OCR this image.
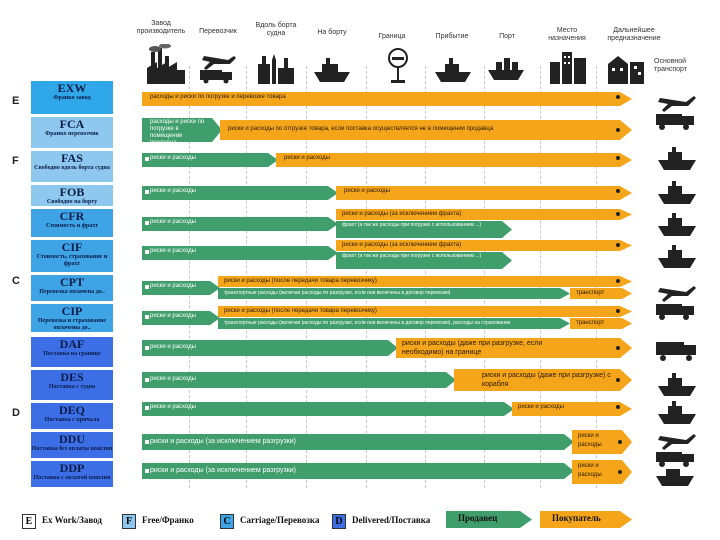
Завод производитель	Перевозчик
Вдоль борта судна	На борту
Граница	Прибытие	Порт
Место назначения
Дальнейшее предназначение
Основной транспорт
E
F
C
D
EXW
Франко завод
FCA
Франко перевозчик
FAS
Свободно вдоль борта судна
FOB
Свободно на борту
CFR
Стоимость и фрахт
CIF
Стоимость, страхование и фрахт
CPT
Перевозка оплачена до..
CIP
Перевозка и страхование оплачены до..
DAF
Поставка на границе
DES
Поставка с судна
DEQ
Поставка с причала
DDU
Поставка без оплаты пошлин
DDP
Поставка с оплатой пошлин
расходы и риски по погрузке и перевозке товара
расходы и риски по погрузке в помещении продавца
риски и расходы по отгрузке товара, если поставка осуществляется не в помещении продавца
риски и расходы	риски и расходы
риски и расходы	риски и расходы
риски и расходы
риски и расходы (за исключением фрахта)
фрахт (а так же расходы при погрузке с использованием ...)
риски и расходы
риски и расходы (за исключением фрахта)
фрахт (а так же расходы при погрузке с использованием ...)
риски и расходы
риски и расходы (после передачи товара перевозчику)
транспортные расходы (включая расходы по разгрузке, если они включены в договор перевозки)	транспорт
риски и расходы
риски и расходы (после передачи товара перевозчику)
транспортные расходы (включая расходы по разгрузке, если они включены в договор перевозки), расходы на страхование	транспорт
риски и расходы	риски и расходы (даже при разгрузке, если необходимо) на границе
риски и расходы	риски и расходы (даже при разгрузке) с корабля
риски и расходы	риски и расходы
риски и расходы (за исключением разгрузки)
риски и расходы
риски и расходы (за исключением разгрузки)
риски и расходы
E	Ex Work/Завод	F	Free/Франко	C	Carriage/Перевозка	D	Delivered/Поставка	Продавец	Покупатель
